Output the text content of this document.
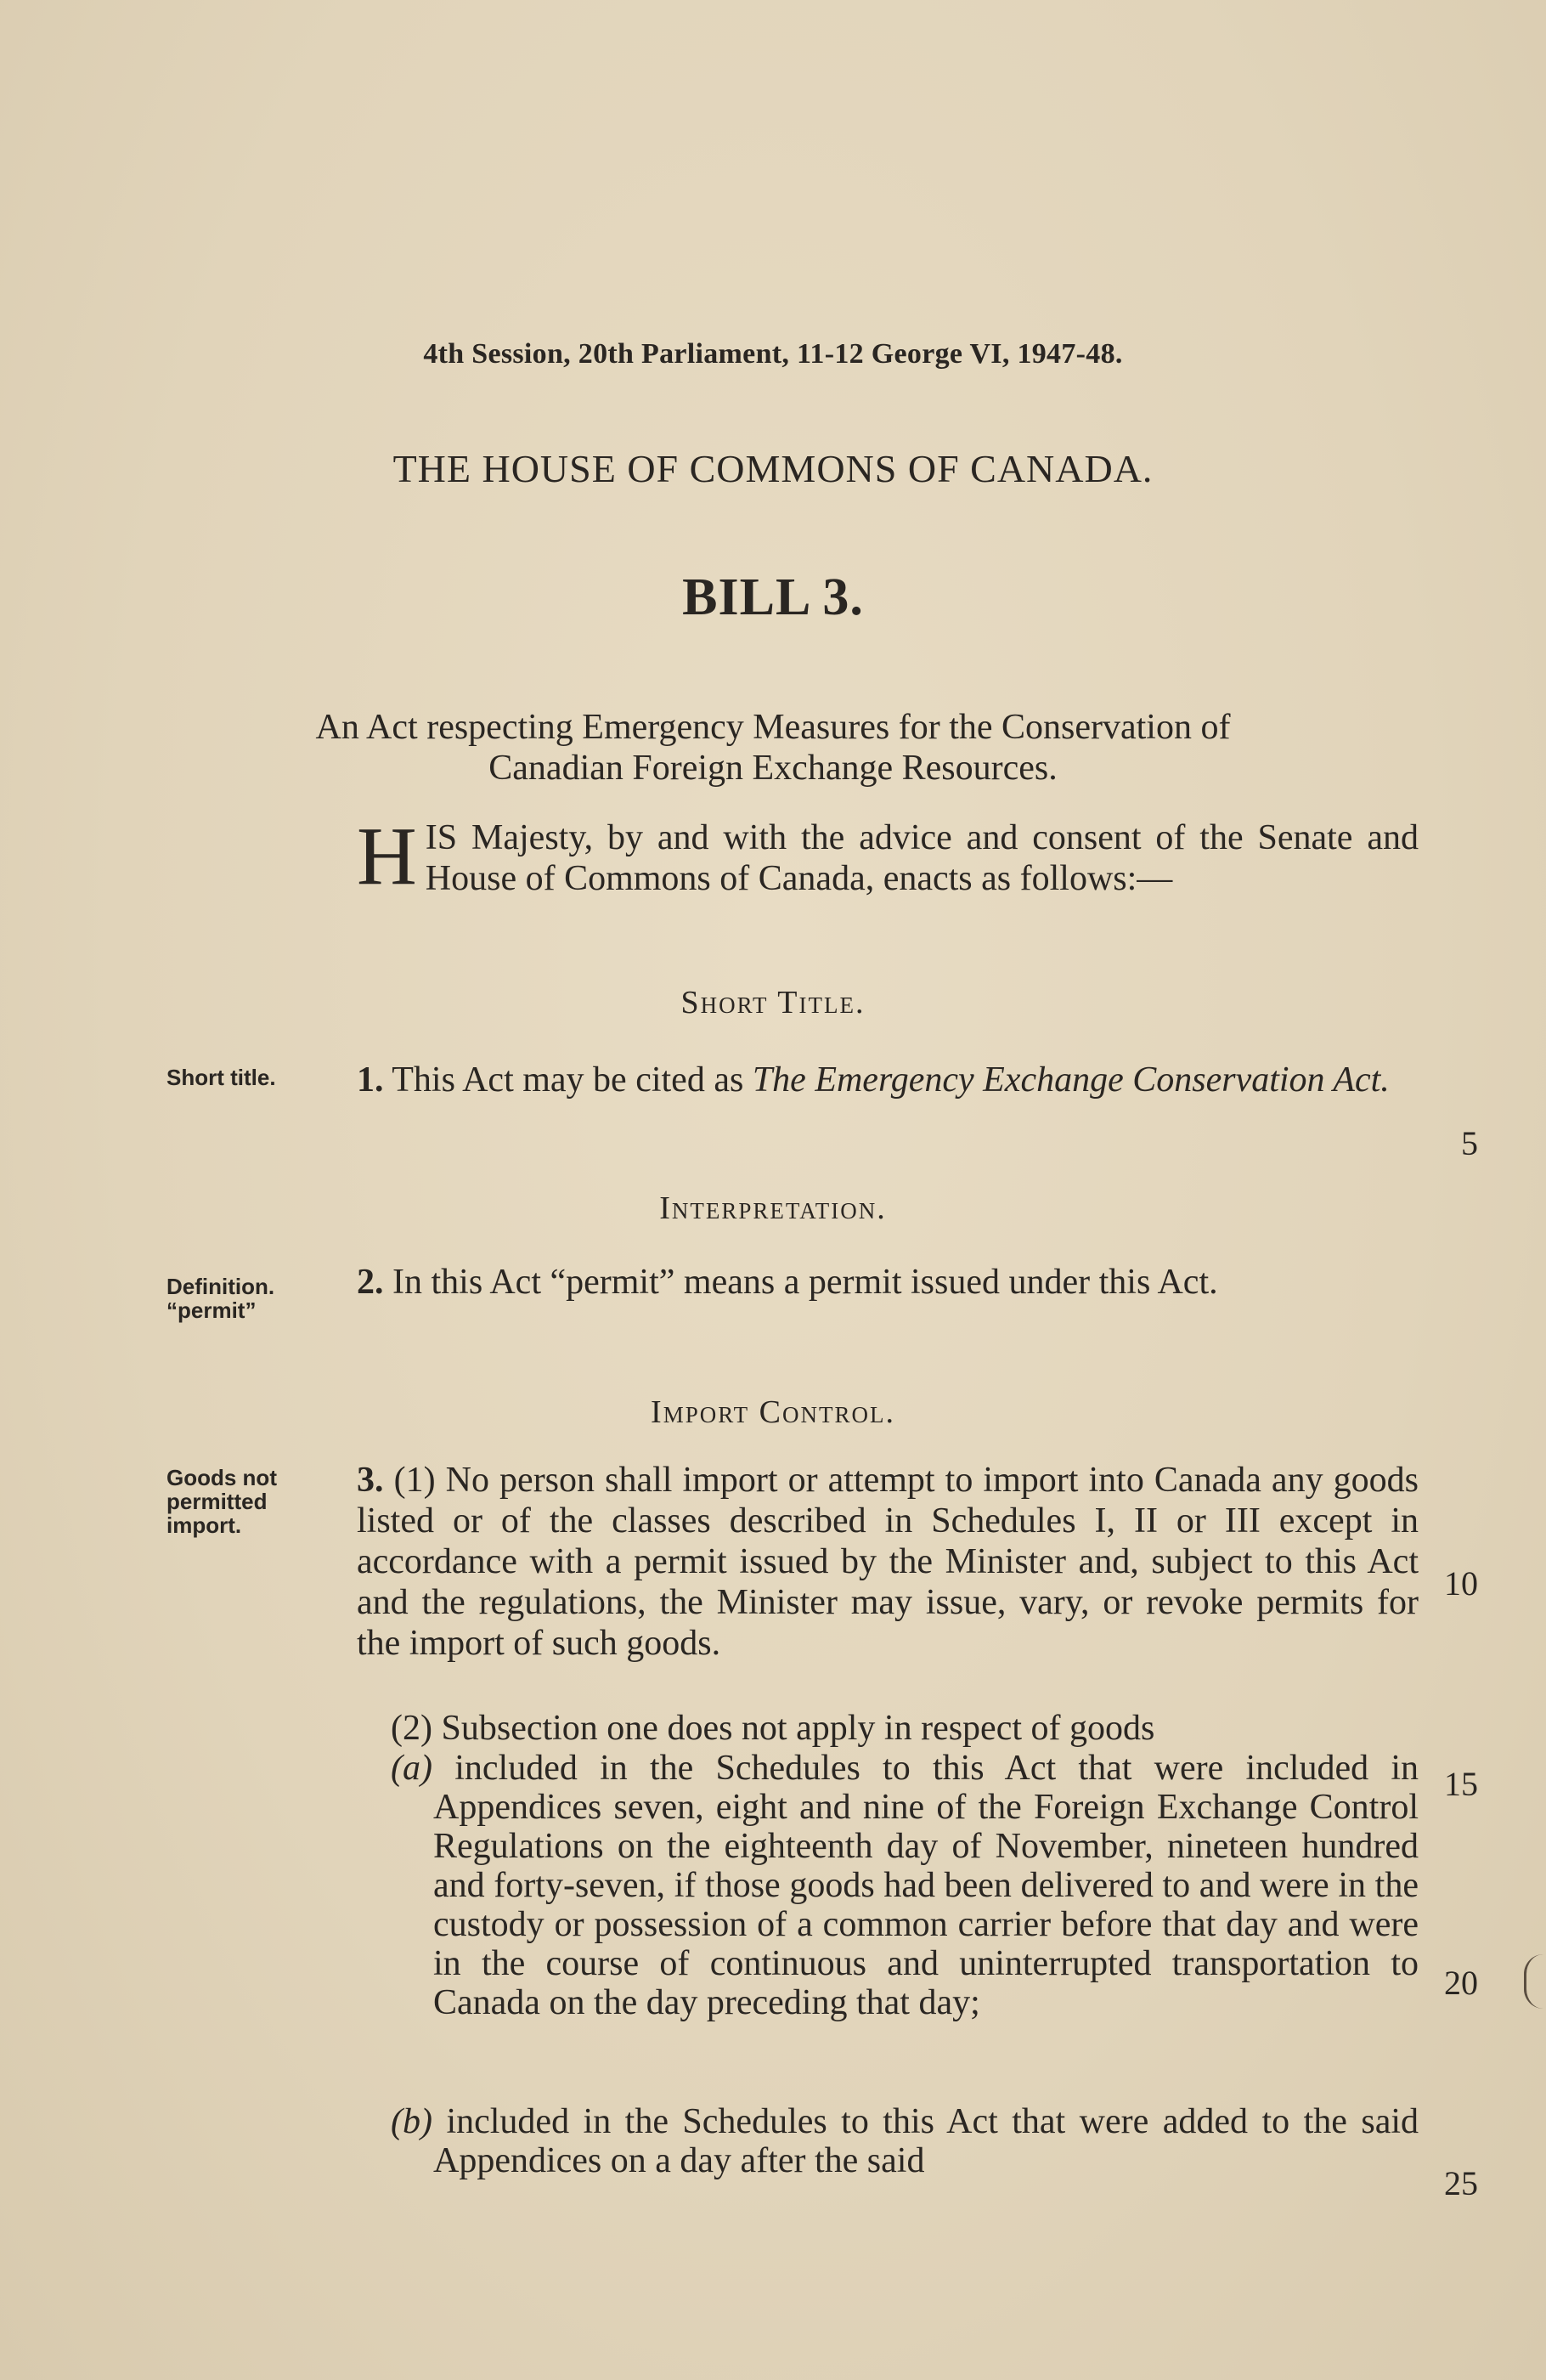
4th Session, 20th Parliament, 11-12 George VI, 1947-48.
THE HOUSE OF COMMONS OF CANADA.
BILL 3.
An Act respecting Emergency Measures for the Conservation of Canadian Foreign Exchange Resources.
H IS Majesty, by and with the advice and consent of the Senate and House of Commons of Canada, enacts as follows:—
Short Title.
Short title.	1. This Act may be cited as The Emergency Exchange Conservation Act.
5
Interpretation.
Definition.
“permit”
2. In this Act “permit” means a permit issued under this Act.
Import Control.
Goods not permitted import.
3. (1) No person shall import or attempt to import into Canada any goods listed or of the classes described in Schedules I, II or III except in accordance with a permit issued by the Minister and, subject to this Act and the regulations, the Minister may issue, vary, or revoke permits for the import of such goods.
(2) Subsection one does not apply in respect of goods
(a) included in the Schedules to this Act that were included in Appendices seven, eight and nine of the Foreign Exchange Control Regulations on the eighteenth day of November, nineteen hundred and forty-seven, if those goods had been delivered to and were in the custody or possession of a common carrier before that day and were in the course of continuous and uninterrupted transportation to Canada on the day preceding that day;
(b) included in the Schedules to this Act that were added to the said Appendices on a day after the said
10
15
20
25
